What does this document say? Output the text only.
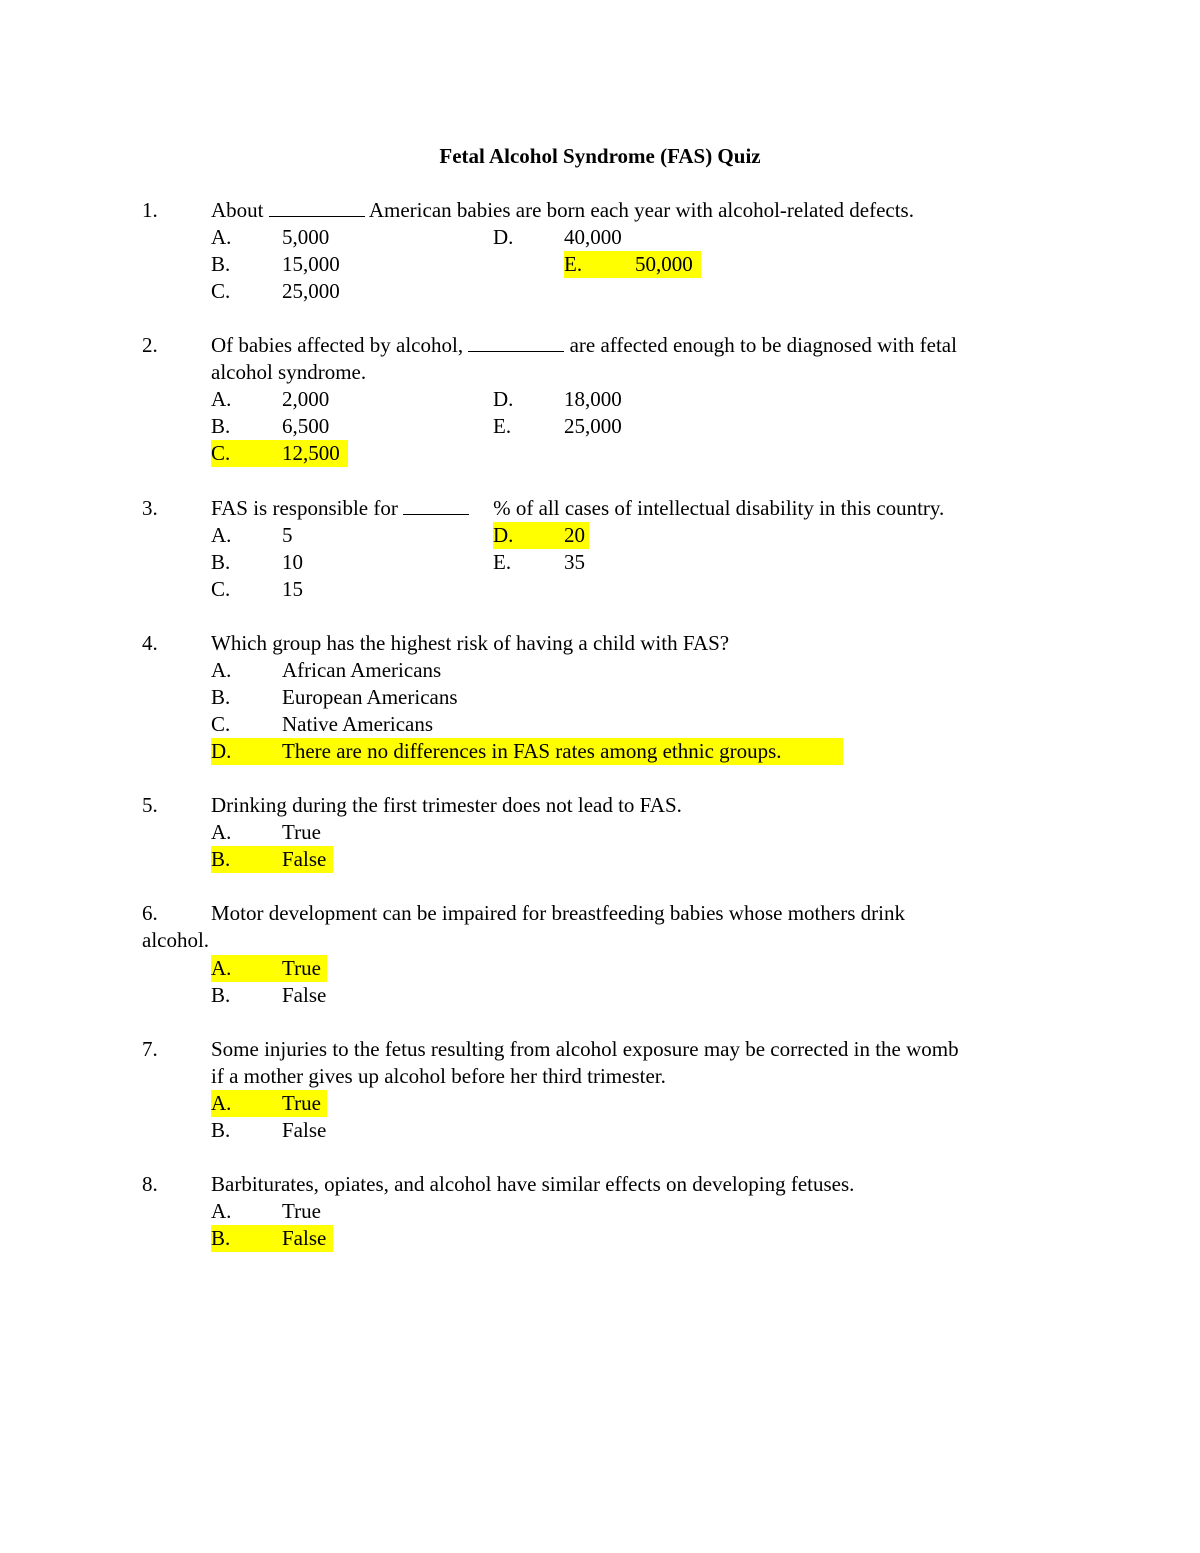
Fetal Alcohol Syndrome (FAS) Quiz
1.	About	American babies are born each year with alcohol-related defects.
A. 5,000	D. 40,000
B. 15,000	E.	50,000
C. 25,000
2.	Of babies affected by alcohol,	are affected enough to be diagnosed with fetal
alcohol syndrome.
A. 2,000	D. 18,000
B. 6,500	E.	25,000
C. 12,500
3.	FAS is responsible for	% of all cases of intellectual disability in this country.
A. 5	D. 20
B. 10	E.	35
C. 15
4.	Which group has the highest risk of having a child with FAS?
A. African Americans
B. European Americans
C. Native Americans
D. There are no differences in FAS rates among ethnic groups.
5.	Drinking during the first trimester does not lead to FAS.
A. True
B. False
6.	Motor development can be impaired for breastfeeding babies whose mothers drink
alcohol.
A. True
B. False
7.	Some injuries to the fetus resulting from alcohol exposure may be corrected in the womb
if a mother gives up alcohol before her third trimester.
A. True
B. False
8.	Barbiturates, opiates, and alcohol have similar effects on developing fetuses.
A. True
B. False
